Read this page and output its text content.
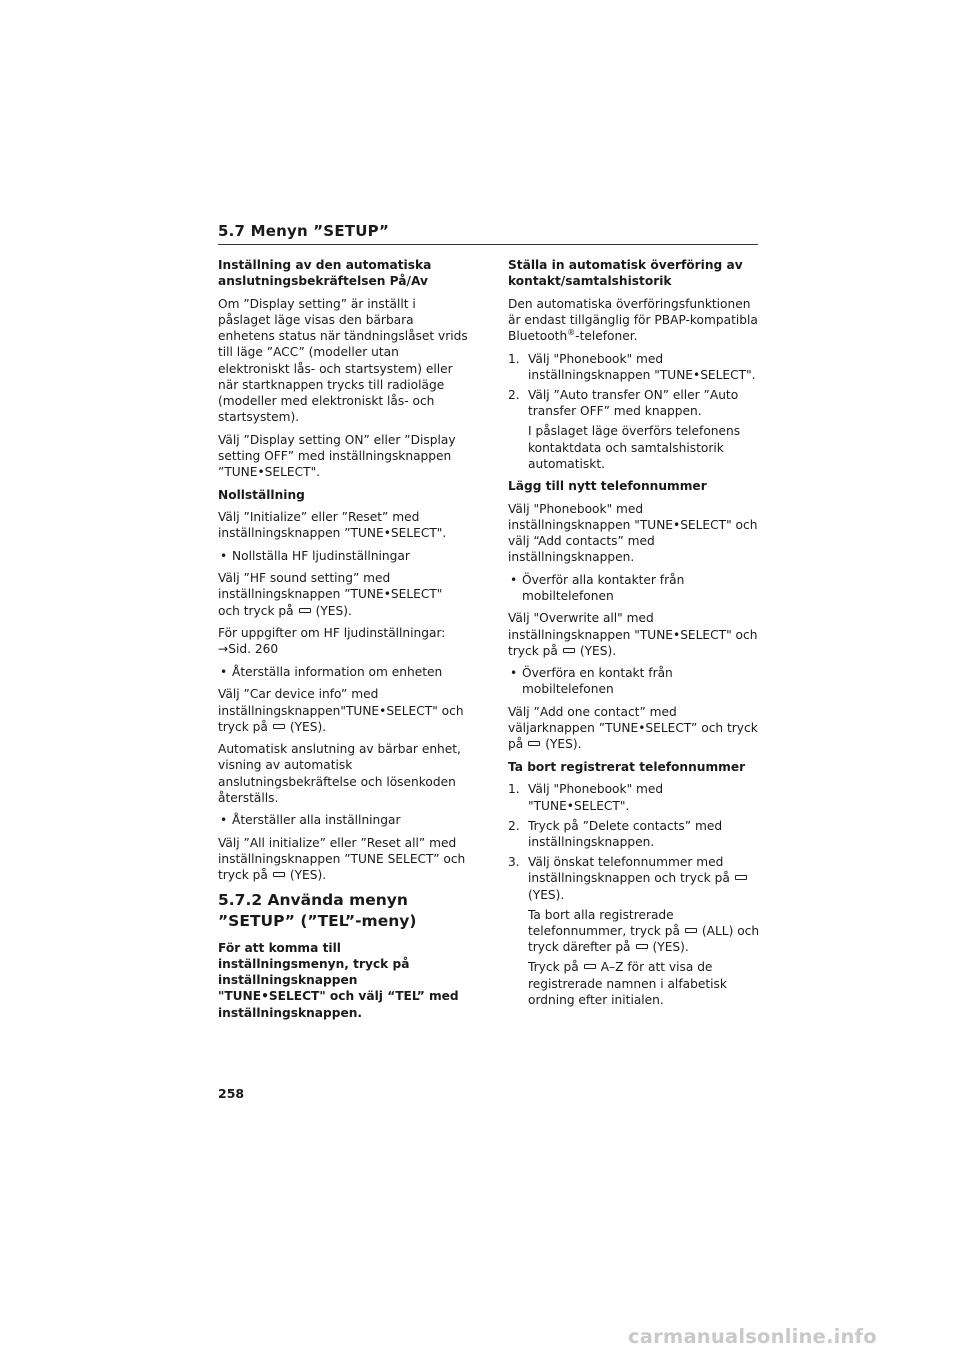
5.7 Menyn ”SETUP”

Inställning av den automatiska anslutningsbekräftelsen På/Av

Om ”Display setting” är inställt i påslaget läge visas den bärbara enhetens status när tändningslåset vrids till läge ”ACC” (modeller utan elektroniskt lås- och startsystem) eller när startknappen trycks till radioläge (modeller med elektroniskt lås- och startsystem).

Välj ”Display setting ON” eller ”Display setting OFF” med inställningsknappen ”TUNE•SELECT".

Nollställning

Välj ”Initialize” eller ”Reset” med inställningsknappen ”TUNE•SELECT".

• Nollställa HF ljudinställningar

Välj ”HF sound setting” med inställningsknappen ”TUNE•SELECT" och tryck på (YES).

För uppgifter om HF ljudinställningar:
→Sid. 260

• Återställa information om enheten

Välj ”Car device info” med inställningsknappen"TUNE•SELECT" och tryck på (YES).

Automatisk anslutning av bärbar enhet, visning av automatisk anslutningsbekräftelse och lösenkoden återställs.

• Återställer alla inställningar

Välj ”All initialize” eller ”Reset all” med inställningsknappen ”TUNE SELECT” och tryck på (YES).

5.7.2 Använda menyn ”SETUP” (”TEL”-meny)

För att komma till inställningsmenyn, tryck på inställningsknappen "TUNE•SELECT" och välj “TEL” med inställningsknappen.

Ställa in automatisk överföring av kontakt/samtalshistorik

Den automatiska överföringsfunktionen är endast tillgänglig för PBAP-kompatibla Bluetooth®-telefoner.

1. Välj "Phonebook" med inställningsknappen "TUNE•SELECT".
2. Välj ”Auto transfer ON” eller ”Auto transfer OFF” med knappen.
I påslaget läge överförs telefonens kontaktdata och samtalshistorik automatiskt.

Lägg till nytt telefonnummer

Välj "Phonebook" med inställningsknappen "TUNE•SELECT" och välj “Add contacts” med inställningsknappen.

• Överför alla kontakter från mobiltelefonen

Välj "Overwrite all" med inställningsknappen "TUNE•SELECT" och tryck på (YES).

• Överföra en kontakt från mobiltelefonen

Välj ”Add one contact” med väljarknappen ”TUNE•SELECT” och tryck på (YES).

Ta bort registrerat telefonnummer

1. Välj "Phonebook" med "TUNE•SELECT".
2. Tryck på ”Delete contacts” med inställningsknappen.
3. Välj önskat telefonnummer med inställningsknappen och tryck på
(YES).
Ta bort alla registrerade telefonnummer, tryck på (ALL) och tryck därefter på (YES).
Tryck på A–Z för att visa de registrerade namnen i alfabetisk ordning efter initialen.
258
carmanualsonline.info
